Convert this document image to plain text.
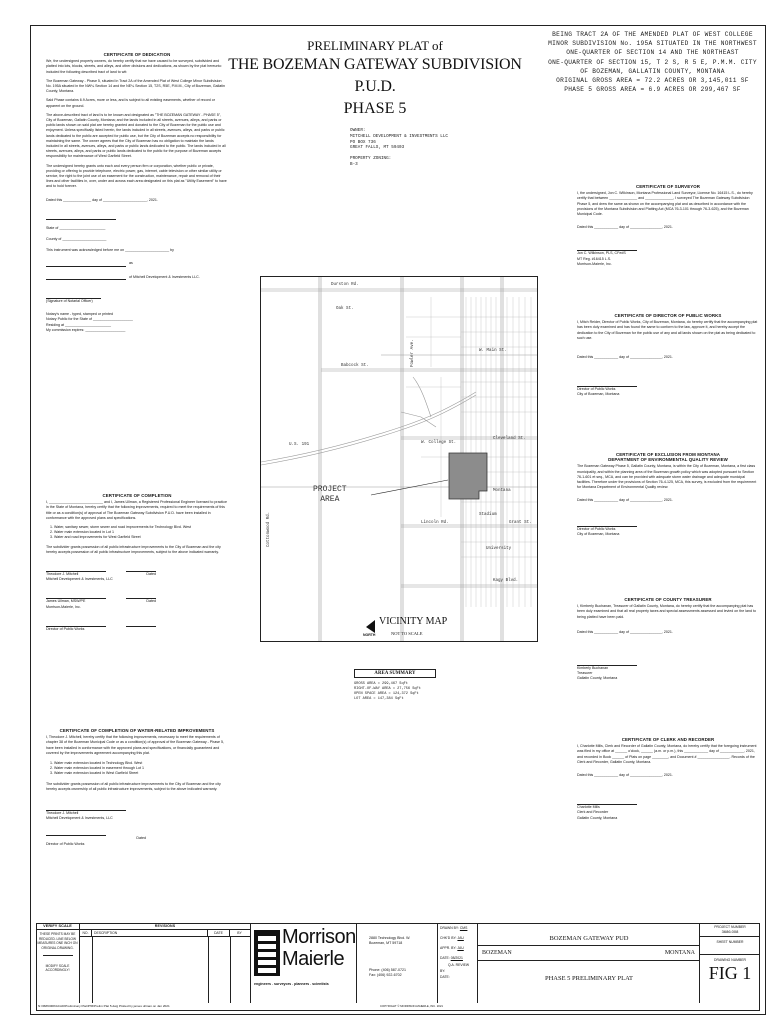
PRELIMINARY PLAT of
THE BOZEMAN GATEWAY SUBDIVISION P.U.D.
PHASE 5
BEING TRACT 2A OF THE AMENDED PLAT OF WEST COLLEGE
MINOR SUBDIVISION No. 195A SITUATED IN THE NORTHWEST
ONE-QUARTER OF SECTION 14 AND THE NORTHEAST
ONE-QUARTER OF SECTION 15, T 2 S, R 5 E, P.M.M. CITY
OF BOZEMAN, GALLATIN COUNTY, MONTANA
ORIGINAL GROSS AREA = 72.2 ACRES OR 3,145,011 SF
PHASE 5 GROSS AREA = 6.9 ACRES OR 299,467 SF
OWNER:
MITCHELL DEVELOPMENT & INVESTMENTS LLC
PO BOX 736
GREAT FALLS, MT 59403
PROPERTY ZONING:
B-3
CERTIFICATE OF DEDICATION
We, the undersigned property owners, do hereby certify that we have caused to be surveyed, subdivided and platted into lots, blocks, streets, and alleys, and other divisions and dedications, as shown by the plat hereunto included the following described tract of land to wit:
The Bozeman Gateway - Phase 5, situated in Tract 2A of the Amended Plat of West College Minor Subdivision No. 195A situated in the NW¼ Section 14 and the NE¼ Section 15, T2S, R5E, P.M.M., City of Bozeman, Gallatin County, Montana.
Said Phase contains 6.9 Acres, more or less, and is subject to all existing easements, whether of record or apparent on the ground.
The above-described tract of land is to be known and designated as "THE BOZEMAN GATEWAY - PHASE 5", City of Bozeman, Gallatin County, Montana; and the lands included in all streets, avenues, alleys, and parks or public lands shown on said plat are hereby granted and donated to the City of Bozeman for the public use and enjoyment. Unless specifically listed herein, the lands included in all streets, avenues, alleys, and parks or public lands dedicated to the public are accepted for public use, but the City of Bozeman accepts no responsibility for maintaining the same. The owner agrees that the City of Bozeman has no obligation to maintain the lands included in all streets, avenues, alleys, and parks or public lands dedicated to the public. The lands included in all streets, avenues, alleys, and parks or public lands dedicated to the public for the purpose of Bozeman accepts responsibility for maintenance of West Garfield Street.
The undersigned hereby grants unto each and every person firm or corporation, whether public or private, providing or offering to provide telephone, electric power, gas, internet, cable television or other similar utility or service, the right to the joint use of an easement for the construction, maintenance, repair and removal of their lines and other facilities in, over, under and across each area designated on this plat as "Utility Easement" to have and to hold forever.
Dated this ______________ day of ______________________, 2021.
State of _______________________
County of ______________________
This instrument was acknowledged before me on ______________________ by
as
of Mitchell Development & Investments LLC.
(Signature of Notarial Officer)
Notary's name - typed, stamped or printed
Notary Public for the State of ____________________
Residing at _______________________
My commission expires: ____________________
CERTIFICATE OF COMPLETION
I, ___________________________ and I, James Ullman, a Registered Professional Engineer licensed to practice in the State of Montana, hereby certify that the following improvements, required to meet the requirements of this title or as a condition(s) of approval of The Bozeman Gateway Subdivision P.U.D. have been installed in conformance with the approved plans and specifications.
1. Water, sanitary sewer, storm sewer and road improvements for Technology Blvd. West
2. Water main extension located in Lot 1
3. Water and road improvements for West Garfield Street
The subdivider grants possession of all public infrastructure improvements to the City of Bozeman and the city hereby accepts possession of all public infrastructure improvements, subject to the above indicated warranty.
Theodore J. Mitchell	Dated
Mitchell Development & Investments, LLC
James Ullman, MSW/PE	Dated
Morrison-Maierle, Inc.
Director of Public Works
CERTIFICATE OF COMPLETION OF WATER-RELATED IMPROVEMENTS
I, Theodore J. Mitchell, hereby certify that the following improvements, necessary to meet the requirements of chapter 38 of the Bozeman Municipal Code or as a condition(s) of approval of the Bozeman Gateway - Phase 5, have been installed in conformance with the approved plans and specifications, or financially guaranteed and covered by the improvements agreement accompanying this plat.
1. Water main extension located in Technology Blvd. West
2. Water main extension located in easement through Lot 1
3. Water main extension located in West Garfield Street
The subdivider grants possession of all public infrastructure improvements to the City of Bozeman and the city hereby accepts ownership of all public infrastructure improvements, subject to the above indicated warranty.
Theodore J. Mitchell
Mitchell Development & Investments, LLC
Dated
Director of Public Works
CERTIFICATE OF SURVEYOR
I, the undersigned, Jon C. Wilkinson, Montana Professional Land Surveyor, License No. 16415 L.S., do hereby certify that between ______________ and ______________, I surveyed The Bozeman Gateway Subdivision Phase 5, and drew the same as shown on the accompanying plat and as described in accordance with the provisions of the Montana Subdivision and Platting Act (MCA 76-3-101 through 76-3-625), and the Bozeman Municipal Code.
Dated this ____________ day of ________________, 2021.
Jon C. Wilkinson, PLS, CFedS
MT Reg. #16415 L.S.
Morrison-Maierle, Inc.
CERTIFICATE OF DIRECTOR OF PUBLIC WORKS
I, Mitch Reider, Director of Public Works, City of Bozeman, Montana, do hereby certify that the accompanying plat has been duly examined and has found the same to conform to the law, approve it, and hereby accept the dedication to the City of Bozeman for the public use of any and all lands shown on the plat as being dedicated to such use.
Dated this ____________ day of ________________, 2021.
Director of Public Works
City of Bozeman, Montana
CERTIFICATE OF EXCLUSION FROM MONTANA
DEPARTMENT OF ENVIRONMENTAL QUALITY REVIEW
The Bozeman Gateway Phase 5, Gallatin County, Montana, is within the City of Bozeman, Montana, a first class municipality, and within the planning area of the Bozeman growth policy which was adopted pursuant to Section 76-1-601 et seq., MCA, and can be provided with adequate storm water drainage and adequate municipal facilities. Therefore under the provisions of Section 76-4-125, MCA, this survey, is excluded from the requirement for Montana Department of Environmental Quality review.
Dated this ____________ day of ________________, 2021.
Director of Public Works
City of Bozeman, Montana
CERTIFICATE OF COUNTY TREASURER
I, Kimberly Buchanan, Treasurer of Gallatin County, Montana, do hereby certify that the accompanying plat has been duly examined and that all real property taxes and special assessments assessed and levied on the land to being platted have been paid.
Dated this ____________ day of ________________, 2021.
Kimberly Buchanan
Treasurer
Gallatin County, Montana
CERTIFICATE OF CLERK AND RECORDER
I, Charlotte Mills, Clerk and Recorder of Gallatin County, Montana, do hereby certify that the foregoing instrument was filed in my office at ______ o'clock, ______ (a.m. or p.m.), this ____________ day of ____________, 2021, and recorded in Book ______ of Plats on page ________, and Document # ________________. Records of the Clerk and Recorder, Gallatin County, Montana.
Dated this ____________ day of ________________, 2021.
Charlotte Mills
Clerk and Recorder
Gallatin County, Montana
Durston Rd.
Oak St.
Babcock St.
W. Main St.
W. College St.
U.S. 191
Cleveland St.
Montana
Lincoln Rd.	Grant St.
Stadium
University
Kagy Blvd.
Cottonwood Rd.
Fowler Ave.
PROJECT
AREA
NORTH
VICINITY MAP
NOT TO SCALE
AREA SUMMARY
GROSS AREA = 299,467 SqFt
RIGHT-OF-WAY AREA = 27,756 SqFt
OPEN SPACE AREA = 124,372 SqFt
LOT AREA = 147,384 SqFt
VERIFY SCALE
THESE PRINTS MAY BE REDUCED. LINE BELOW MEASURES ONE INCH ON ORIGINAL DRAWING.
MODIFY SCALE ACCORDINGLY!
N:\3686\008\ACAD\Preliminary Plat\Ph5\Prelim Plat 5.dwg Plotted by james ullman on Jan 2021
REVISIONS
NO.	DESCRIPTION	DATE	BY	Morrison
Maierle
engineers . surveyors . planners . scientists
2880 Technology Blvd. W.
Bozeman, MT 59718
Phone: (406) 587-0721
Fax: (406) 922-6702
COPYRIGHT © MORRISON-MAIERLE, INC. 2021
DRAWN BY: CMS
CHK'D BY: JAU
APPR. BY: JAU
DATE: 08/2021
Q.A. REVIEW
BY:
DATE:
BOZEMAN GATEWAY PUD
BOZEMAN	MONTANA
PHASE 5 PRELIMINARY PLAT
PROJECT NUMBER
3686.008
SHEET NUMBER
DRAWING NUMBER
FIG 1
